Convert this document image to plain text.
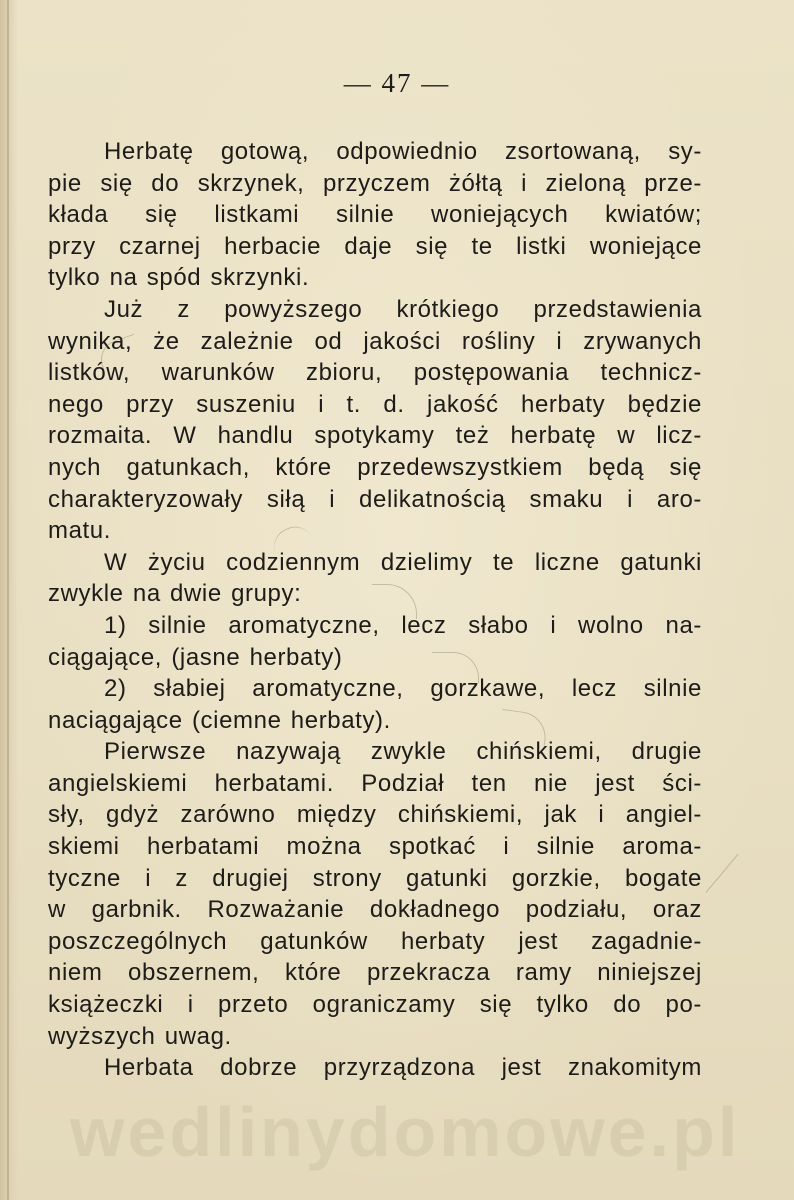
— 47 —
Herbatę gotową, odpowiednio zsortowaną, sy-
pie się do skrzynek, przyczem żółtą i zieloną prze-
kłada się listkami silnie woniejących kwiatów;
przy czarnej herbacie daje się te listki woniejące
tylko na spód skrzynki.
Już z powyższego krótkiego przedstawienia
wynika, że zależnie od jakości rośliny i zrywanych
listków, warunków zbioru, postępowania technicz-
nego przy suszeniu i t. d. jakość herbaty będzie
rozmaita. W handlu spotykamy też herbatę w licz-
nych gatunkach, które przedewszystkiem będą się
charakteryzowały siłą i delikatnością smaku i aro-
matu.
W życiu codziennym dzielimy te liczne gatunki
zwykle na dwie grupy:
1) silnie aromatyczne, lecz słabo i wolno na-
ciągające, (jasne herbaty)
2) słabiej aromatyczne, gorzkawe, lecz silnie
naciągające (ciemne herbaty).
Pierwsze nazywają zwykle chińskiemi, drugie
angielskiemi herbatami. Podział ten nie jest ści-
sły, gdyż zarówno między chińskiemi, jak i angiel-
skiemi herbatami można spotkać i silnie aroma-
tyczne i z drugiej strony gatunki gorzkie, bogate
w garbnik. Rozważanie dokładnego podziału, oraz
poszczególnych gatunków herbaty jest zagadnie-
niem obszernem, które przekracza ramy niniejszej
książeczki i przeto ograniczamy się tylko do po-
wyższych uwag.
Herbata dobrze przyrządzona jest znakomitym
wedlinydomowe.pl
